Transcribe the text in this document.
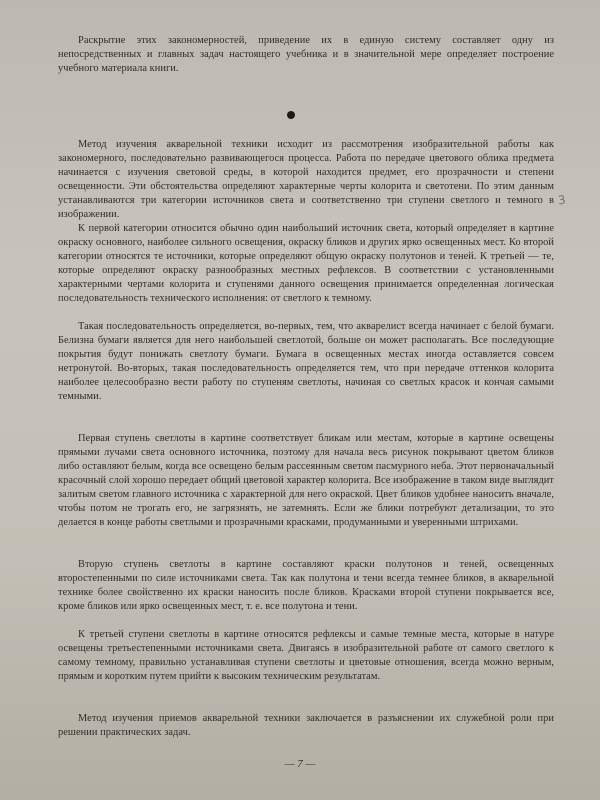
Раскрытие этих закономерностей, приведение их в единую систему составляет одну из непосредственных и главных задач настоящего учебника и в значительной мере определяет построение учебного материала книги.

Метод изучения акварельной техники исходит из рассмотрения изобразительной работы как закономерного, последовательно развивающегося процесса. Работа по передаче цветового облика предмета начинается с изучения световой среды, в которой находится предмет, его прозрачности и степени освещенности. Эти обстоятельства определяют характерные черты колорита и светотени. По этим данным устанавливаются три категории источников света и соответственно три ступени светлого и темного в изображении.

К первой категории относится обычно один наибольший источник света, который определяет в картине окраску основного, наиболее сильного освещения, окраску бликов и других ярко освещенных мест. Ко второй категории относятся те источники, которые определяют общую окраску полутонов и теней. К третьей — те, которые определяют окраску разнообразных местных рефлексов. В соответствии с установленными характерными чертами колорита и ступенями данного освещения принимается определенная логическая последовательность технического исполнения: от светлого к темному.

Такая последовательность определяется, во-первых, тем, что акварелист всегда начинает с белой бумаги. Белизна бумаги является для него наибольшей светлотой, больше он может располагать. Все последующие покрытия будут понижать светлоту бумаги. Бумага в освещенных местах иногда оставляется совсем нетронутой. Во-вторых, такая последовательность определяется тем, что при передаче оттенков колорита наиболее целесообразно вести работу по ступеням светлоты, начиная со светлых красок и кончая самыми темными.

Первая ступень светлоты в картине соответствует бликам или местам, которые в картине освещены прямыми лучами света основного источника, поэтому для начала весь рисунок покрывают цветом бликов либо оставляют белым, когда все освещено белым рассеянным светом пасмурного неба. Этот первоначальный красочный слой хорошо передает общий цветовой характер колорита. Все изображение в таком виде выглядит залитым светом главного источника с характерной для него окраской. Цвет бликов удобнее наносить вначале, чтобы потом не трогать его, не загрязнять, не затемнять. Если же блики потребуют детализации, то это делается в конце работы светлыми и прозрачными красками, продуманными и уверенными штрихами.

Вторую ступень светлоты в картине составляют краски полутонов и теней, освещенных второстепенными по силе источниками света. Так как полутона и тени всегда темнее бликов, в акварельной технике более свойственно их краски наносить после бликов. Красками второй ступени покрывается все, кроме бликов или ярко освещенных мест, т. е. все полутона и тени.

К третьей ступени светлоты в картине относятся рефлексы и самые темные места, которые в натуре освещены третьестепенными источниками света. Двигаясь в изобразительной работе от самого светлого к самому темному, правильно устанавливая ступени светлоты и цветовые отношения, всегда можно верным, прямым и коротким путем прийти к высоким техническим результатам.

Метод изучения приемов акварельной техники заключается в разъяснении их служебной роли при решении практических задач.

3
— 7 —
